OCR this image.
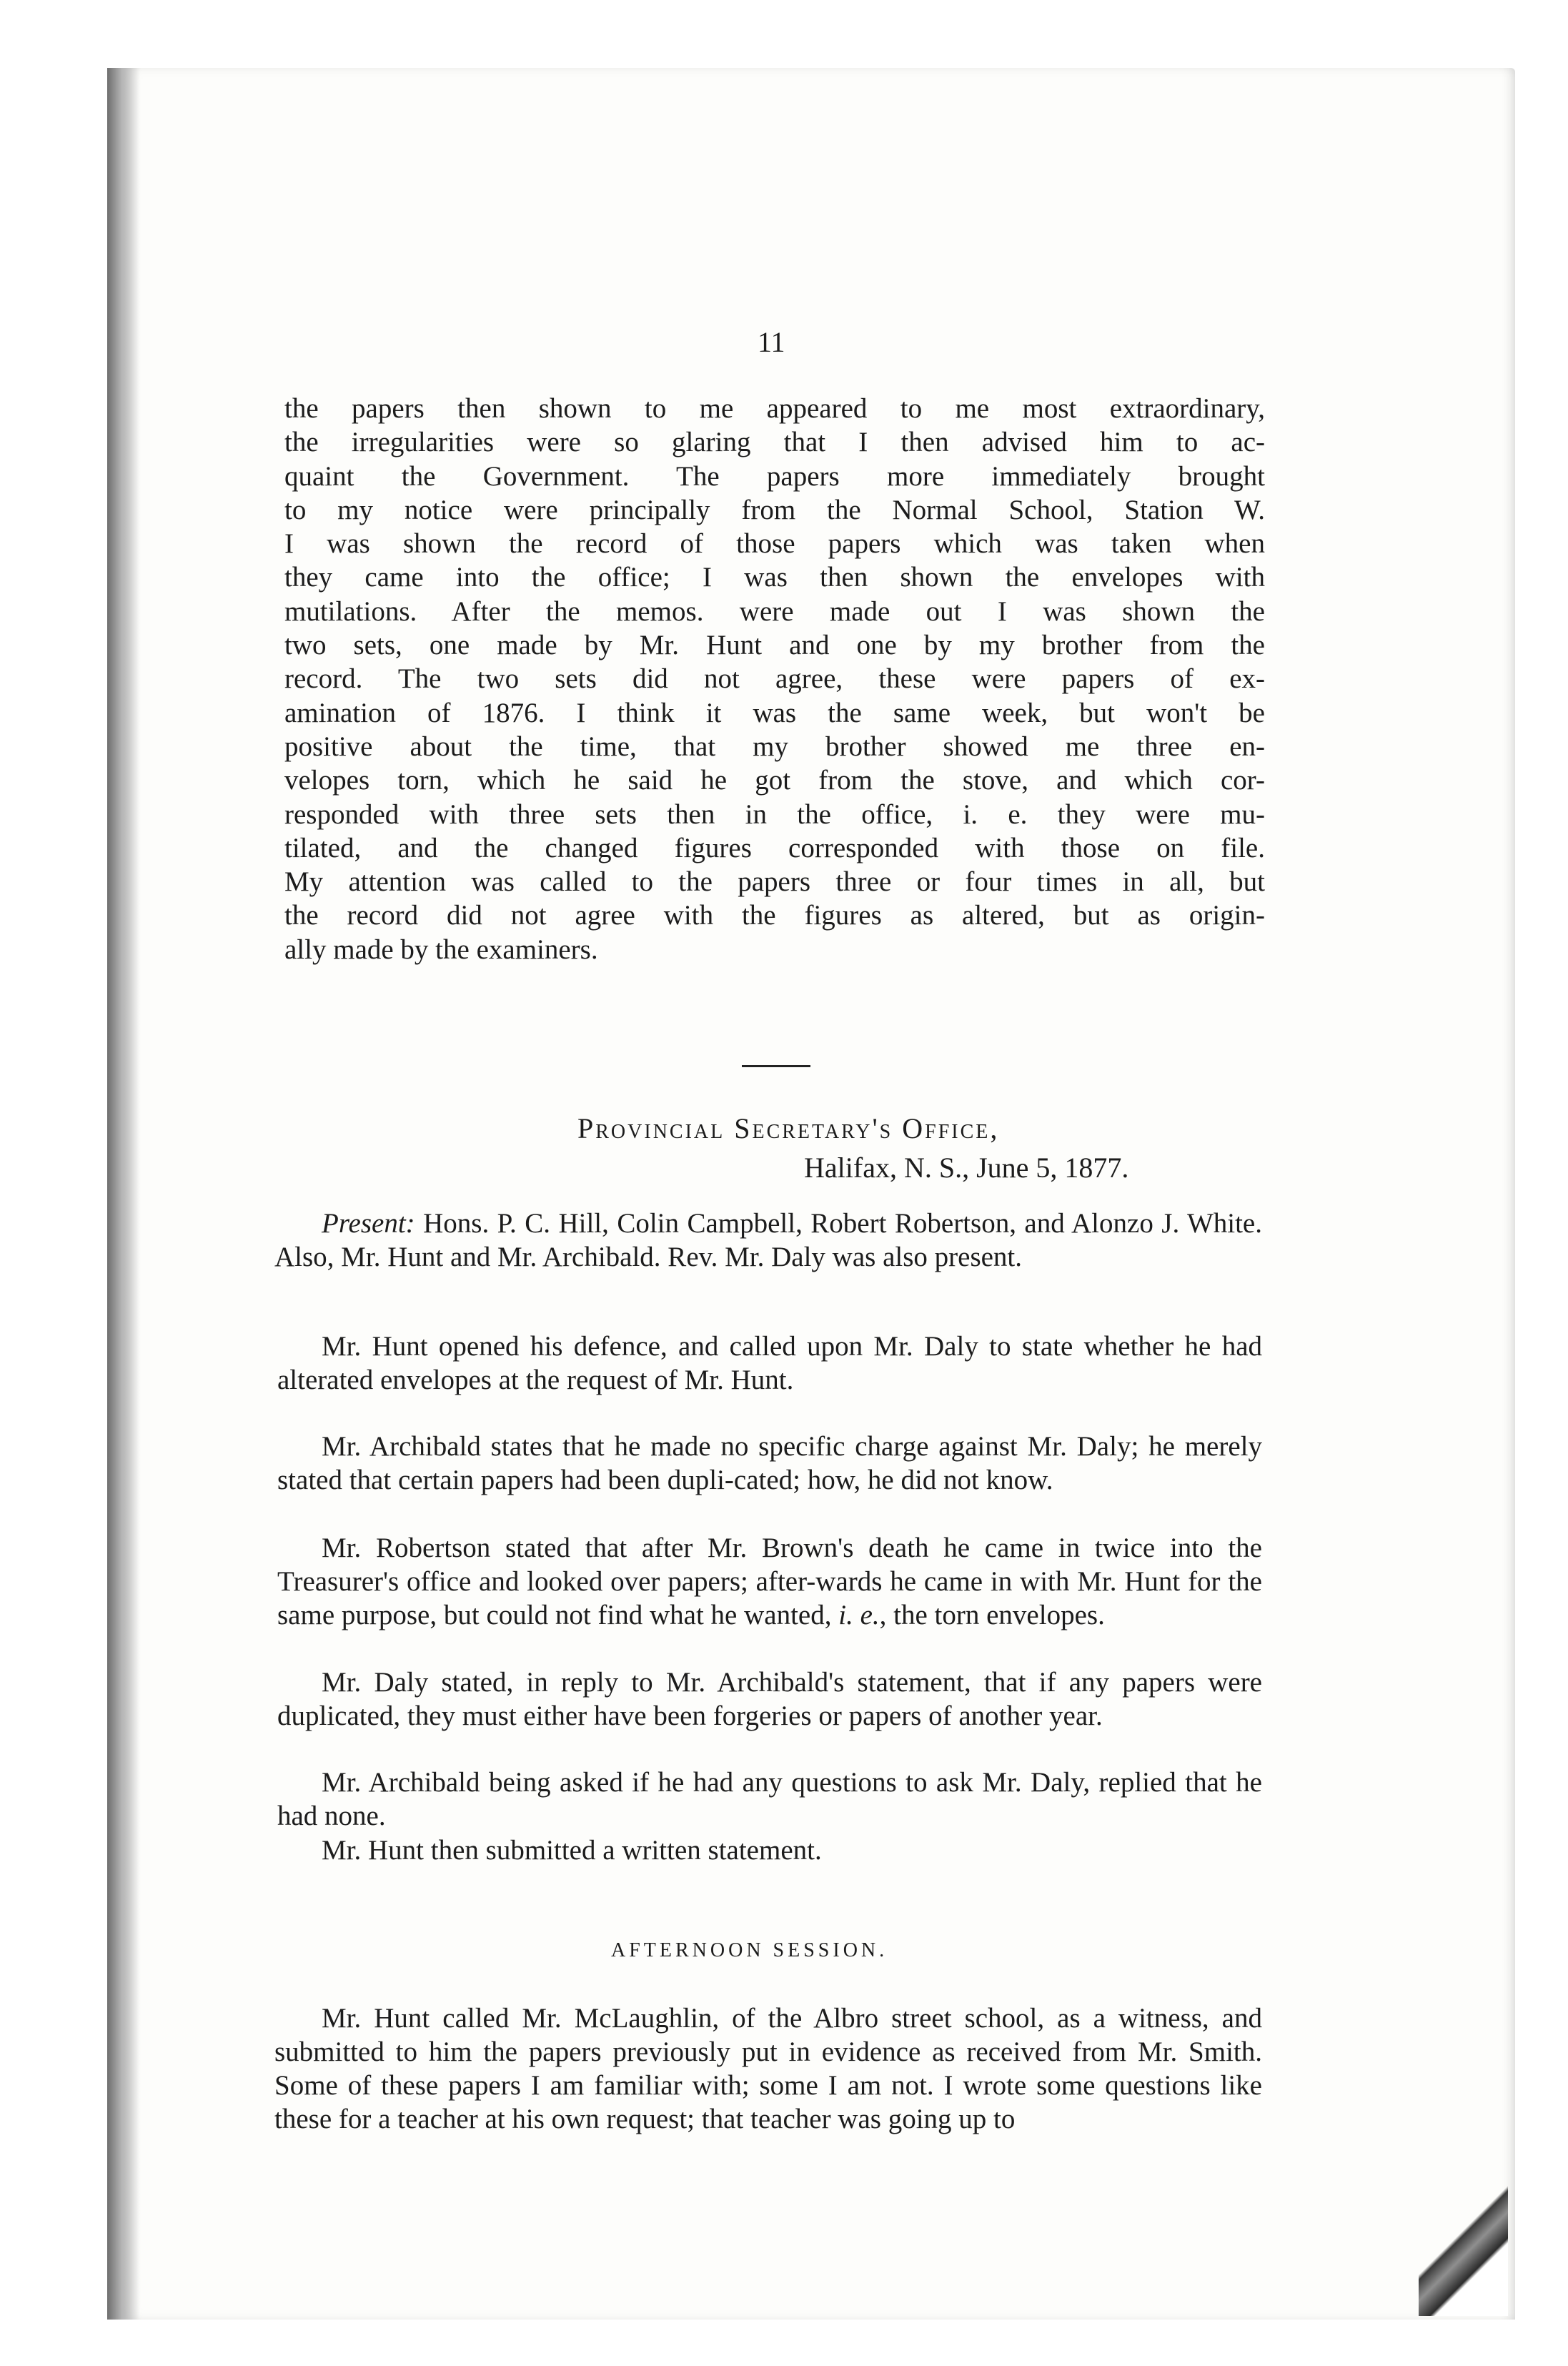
11

the papers then shown to me appeared to me most extraordinary,
the irregularities were so glaring that I then advised him to ac-
quaint the Government. The papers more immediately brought
to my notice were principally from the Normal School, Station W.
I was shown the record of those papers which was taken when
they came into the office; I was then shown the envelopes with
mutilations. After the memos. were made out I was shown the
two sets, one made by Mr. Hunt and one by my brother from the
record. The two sets did not agree, these were papers of ex-
amination of 1876. I think it was the same week, but won't be
positive about the time, that my brother showed me three en-
velopes torn, which he said he got from the stove, and which cor-
responded with three sets then in the office, i. e. they were mu-
tilated, and the changed figures corresponded with those on file.
My attention was called to the papers three or four times in all, but
the record did not agree with the figures as altered, but as origin-
ally made by the examiners.

Provincial Secretary's Office,

Halifax, N. S., June 5, 1877.

Present: Hons. P. C. Hill, Colin Campbell, Robert Robertson, and Alonzo J. White. Also, Mr. Hunt and Mr. Archibald. Rev. Mr. Daly was also present.

Mr. Hunt opened his defence, and called upon Mr. Daly to state whether he had alterated envelopes at the request of Mr. Hunt.

Mr. Archibald states that he made no specific charge against Mr. Daly; he merely stated that certain papers had been dupli-cated; how, he did not know.

Mr. Robertson stated that after Mr. Brown's death he came in twice into the Treasurer's office and looked over papers; after-wards he came in with Mr. Hunt for the same purpose, but could not find what he wanted, i. e., the torn envelopes.

Mr. Daly stated, in reply to Mr. Archibald's statement, that if any papers were duplicated, they must either have been forgeries or papers of another year.

Mr. Archibald being asked if he had any questions to ask Mr. Daly, replied that he had none.

Mr. Hunt then submitted a written statement.

AFTERNOON SESSION.

Mr. Hunt called Mr. McLaughlin, of the Albro street school, as a witness, and submitted to him the papers previously put in evidence as received from Mr. Smith. Some of these papers I am familiar with; some I am not. I wrote some questions like these for a teacher at his own request; that teacher was going up to
